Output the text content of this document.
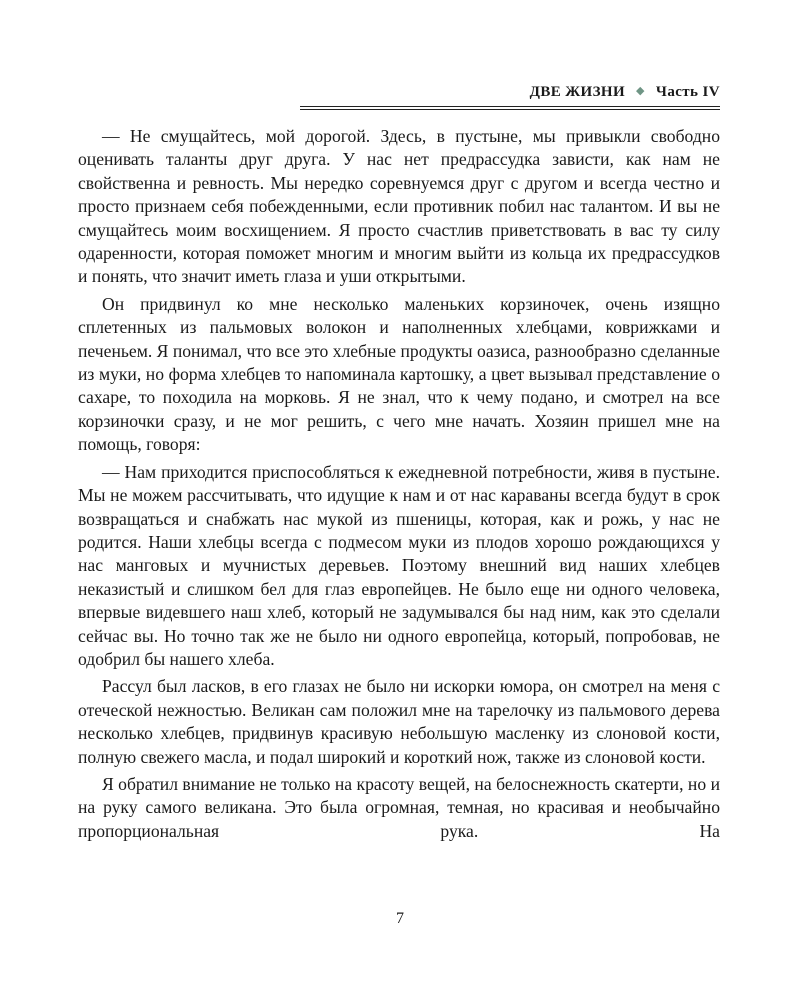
ДВЕ ЖИЗНИ ◆ Часть IV

— Не смущайтесь, мой дорогой. Здесь, в пустыне, мы привыкли свободно оценивать таланты друг друга. У нас нет предрассудка зависти, как нам не свойственна и ревность. Мы нередко соревнуемся друг с другом и всегда честно и просто признаем себя побежденными, если противник побил нас талантом. И вы не смущайтесь моим восхищением. Я просто счастлив приветствовать в вас ту силу одаренности, которая поможет многим и многим выйти из кольца их предрассудков и понять, что значит иметь глаза и уши открытыми.

Он придвинул ко мне несколько маленьких корзиночек, очень изящно сплетенных из пальмовых волокон и наполненных хлебцами, коврижками и печеньем. Я понимал, что все это хлебные продукты оазиса, разнообразно сделанные из муки, но форма хлебцев то напоминала картошку, а цвет вызывал представление о сахаре, то походила на морковь. Я не знал, что к чему подано, и смотрел на все корзиночки сразу, и не мог решить, с чего мне начать. Хозяин пришел мне на помощь, говоря:

— Нам приходится приспособляться к ежедневной потребности, живя в пустыне. Мы не можем рассчитывать, что идущие к нам и от нас караваны всегда будут в срок возвращаться и снабжать нас мукой из пшеницы, которая, как и рожь, у нас не родится. Наши хлебцы всегда с подмесом муки из плодов хорошо рождающихся у нас манговых и мучнистых деревьев. Поэтому внешний вид наших хлебцев неказистый и слишком бел для глаз европейцев. Не было еще ни одного человека, впервые видевшего наш хлеб, который не задумывался бы над ним, как это сделали сейчас вы. Но точно так же не было ни одного европейца, который, попробовав, не одобрил бы нашего хлеба.

Рассул был ласков, в его глазах не было ни искорки юмора, он смотрел на меня с отеческой нежностью. Великан сам положил мне на тарелочку из пальмового дерева несколько хлебцев, придвинув красивую небольшую масленку из слоновой кости, полную свежего масла, и подал широкий и короткий нож, также из слоновой кости.

Я обратил внимание не только на красоту вещей, на белоснежность скатерти, но и на руку самого великана. Это была огромная, темная, но красивая и необычайно пропорциональная рука. На

7
